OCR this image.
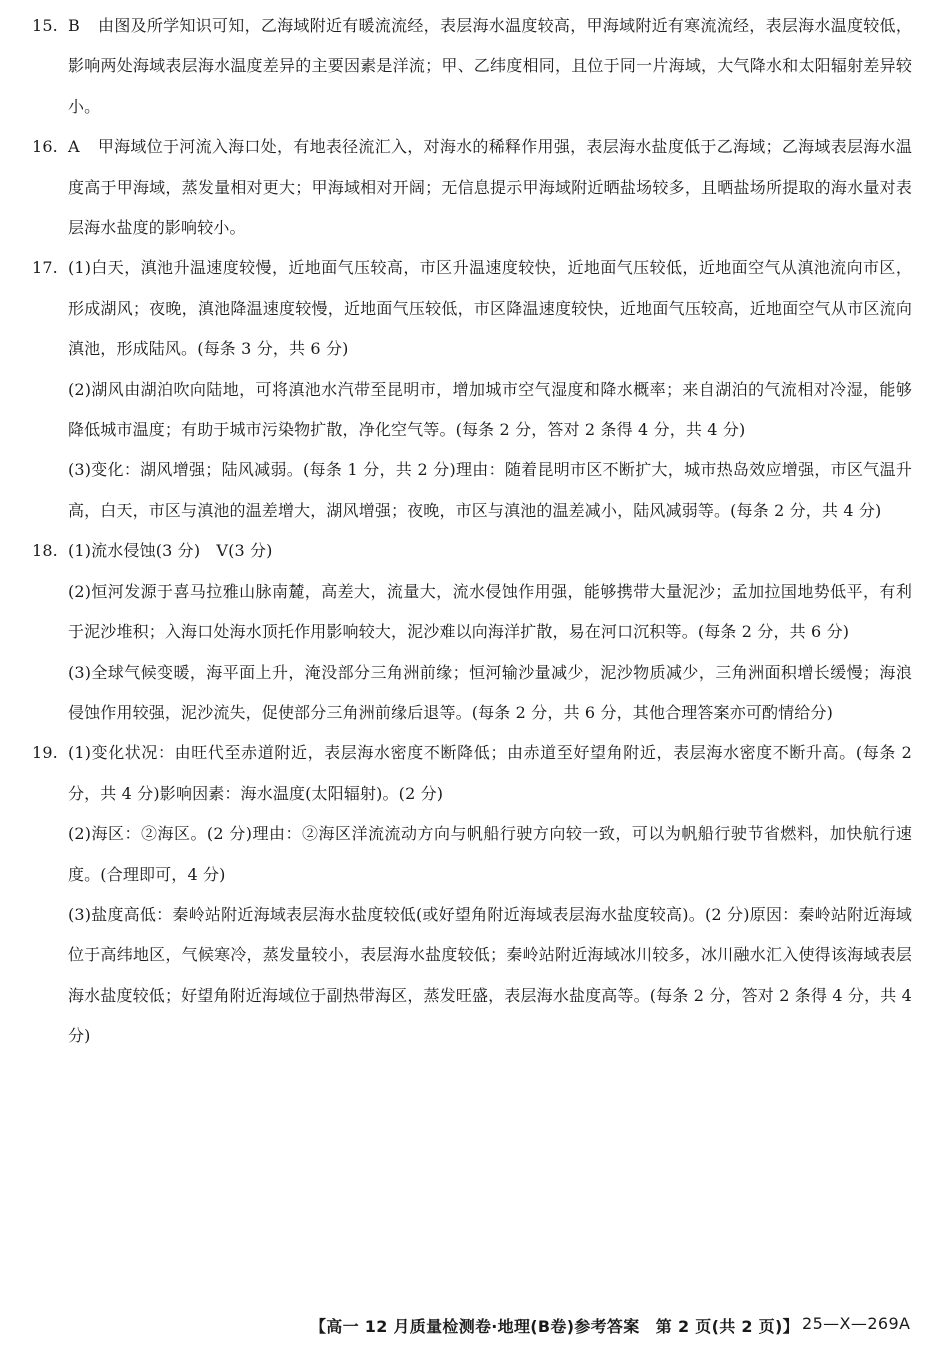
15. B 由图及所学知识可知，乙海域附近有暖流流经，表层海水温度较高，甲海域附近有寒流流经，表层海水温度较低，影响两处海域表层海水温度差异的主要因素是洋流；甲、乙纬度相同，且位于同一片海域，大气降水和太阳辐射差异较小。
16. A 甲海域位于河流入海口处，有地表径流汇入，对海水的稀释作用强，表层海水盐度低于乙海域；乙海域表层海水温度高于甲海域，蒸发量相对更大；甲海域相对开阔；无信息提示甲海域附近晒盐场较多，且晒盐场所提取的海水量对表层海水盐度的影响较小。
17. (1)白天，滇池升温速度较慢，近地面气压较高，市区升温速度较快，近地面气压较低，近地面空气从滇池流向市区，形成湖风；夜晚，滇池降温速度较慢，近地面气压较低，市区降温速度较快，近地面气压较高，近地面空气从市区流向滇池，形成陆风。(每条 3 分，共 6 分)
(2)湖风由湖泊吹向陆地，可将滇池水汽带至昆明市，增加城市空气湿度和降水概率；来自湖泊的气流相对冷湿，能够降低城市温度；有助于城市污染物扩散，净化空气等。(每条 2 分，答对 2 条得 4 分，共 4 分)
(3)变化：湖风增强；陆风减弱。(每条 1 分，共 2 分)理由：随着昆明市区不断扩大，城市热岛效应增强，市区气温升高，白天，市区与滇池的温差增大，湖风增强；夜晚，市区与滇池的温差减小，陆风减弱等。(每条 2 分，共 4 分)
18. (1)流水侵蚀(3 分)　V(3 分)
(2)恒河发源于喜马拉雅山脉南麓，高差大，流量大，流水侵蚀作用强，能够携带大量泥沙；孟加拉国地势低平，有利于泥沙堆积；入海口处海水顶托作用影响较大，泥沙难以向海洋扩散，易在河口沉积等。(每条 2 分，共 6 分)
(3)全球气候变暖，海平面上升，淹没部分三角洲前缘；恒河输沙量减少，泥沙物质减少，三角洲面积增长缓慢；海浪侵蚀作用较强，泥沙流失，促使部分三角洲前缘后退等。(每条 2 分，共 6 分，其他合理答案亦可酌情给分)
19. (1)变化状况：由旺代至赤道附近，表层海水密度不断降低；由赤道至好望角附近，表层海水密度不断升高。(每条 2 分，共 4 分)影响因素：海水温度(太阳辐射)。(2 分)
(2)海区：②海区。(2 分)理由：②海区洋流流动方向与帆船行驶方向较一致，可以为帆船行驶节省燃料，加快航行速度。(合理即可，4 分)
(3)盐度高低：秦岭站附近海域表层海水盐度较低(或好望角附近海域表层海水盐度较高)。(2 分)原因：秦岭站附近海域位于高纬地区，气候寒冷，蒸发量较小，表层海水盐度较低；秦岭站附近海域冰川较多，冰川融水汇入使得该海域表层海水盐度较低；好望角附近海域位于副热带海区，蒸发旺盛，表层海水盐度高等。(每条 2 分，答对 2 条得 4 分，共 4 分)
【高一 12 月质量检测卷·地理(B卷)参考答案　第 2 页(共 2 页)】 25—X—269A
